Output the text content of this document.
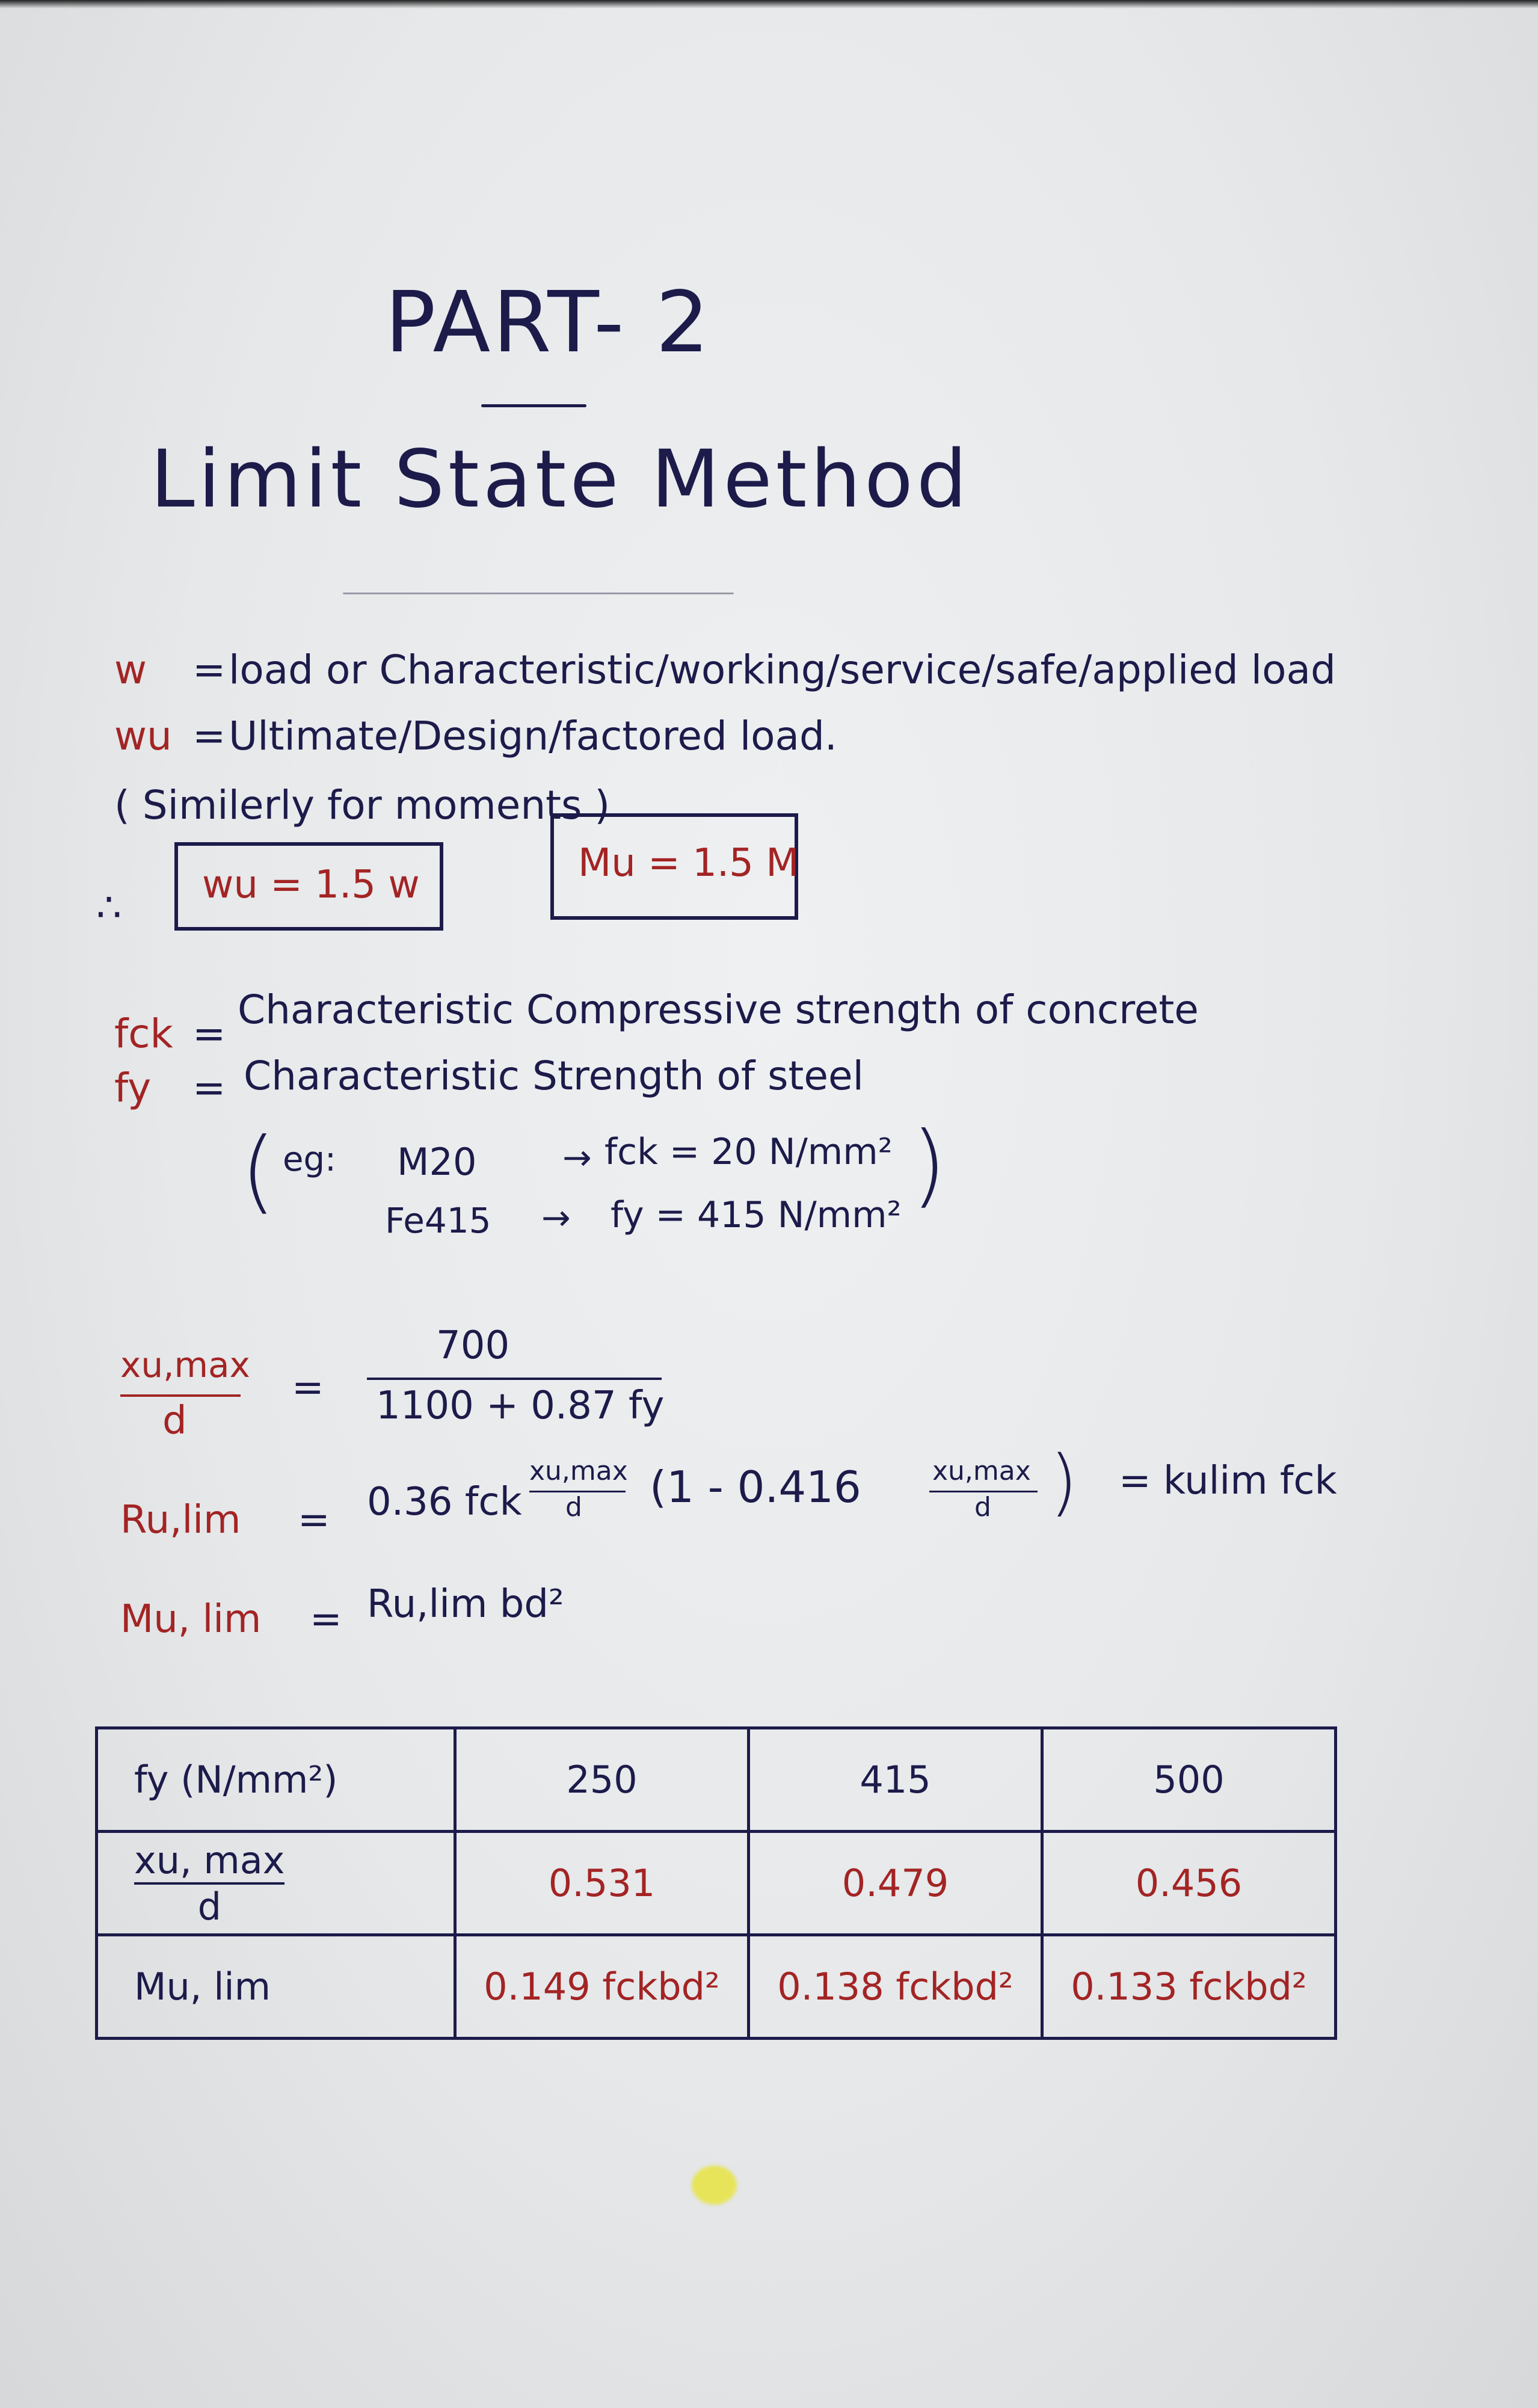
PART- 2
Limit State Method
w = load or Characteristic/working/service/safe/applied load
wu = Ultimate/Design/factored load.
( Similerly for moments )
∴ wu = 1.5 w	Mu = 1.5 M
fck =
Characteristic Compressive strength of concrete
fy = Characteristic Strength of steel
( eg: M20 → fck = 20 N/mm²
Fe415 → fy = 415 N/mm² )
xu,max
d
=
700
1100 + 0.87 fy
Ru,lim = 0.36 fck
xu,max
d (1 - 0.416	xu,max
d ) = kulim fck
Mu, lim = Ru,lim bd²
fy (N/mm²)	250	415	500

xu, max
d	0.531	0.479	0.456
Mu, lim	0.149 fckbd²	0.138 fckbd²	0.133 fckbd²
